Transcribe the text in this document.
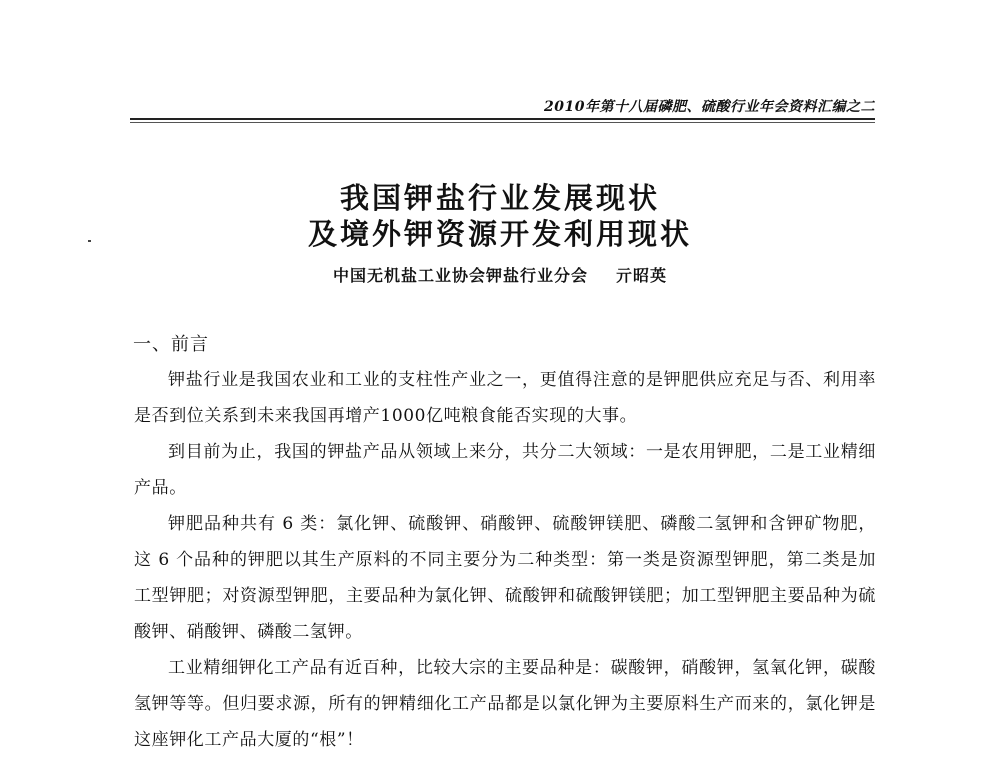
2010年第十八届磷肥、硫酸行业年会资料汇编之二
我国钾盐行业发展现状
及境外钾资源开发利用现状
中国无机盐工业协会钾盐行业分会 亓昭英
一、前言

钾盐行业是我国农业和工业的支柱性产业之一，更值得注意的是钾肥供应充足与否、利用率是否到位关系到未来我国再增产1000亿吨粮食能否实现的大事。

到目前为止，我国的钾盐产品从领域上来分，共分二大领域：一是农用钾肥，二是工业精细产品。

钾肥品种共有 6 类：氯化钾、硫酸钾、硝酸钾、硫酸钾镁肥、磷酸二氢钾和含钾矿物肥，这 6 个品种的钾肥以其生产原料的不同主要分为二种类型：第一类是资源型钾肥，第二类是加工型钾肥；对资源型钾肥，主要品种为氯化钾、硫酸钾和硫酸钾镁肥；加工型钾肥主要品种为硫酸钾、硝酸钾、磷酸二氢钾。

工业精细钾化工产品有近百种，比较大宗的主要品种是：碳酸钾，硝酸钾，氢氧化钾，碳酸氢钾等等。但归要求源，所有的钾精细化工产品都是以氯化钾为主要原料生产而来的，氯化钾是这座钾化工产品大厦的“根”！
